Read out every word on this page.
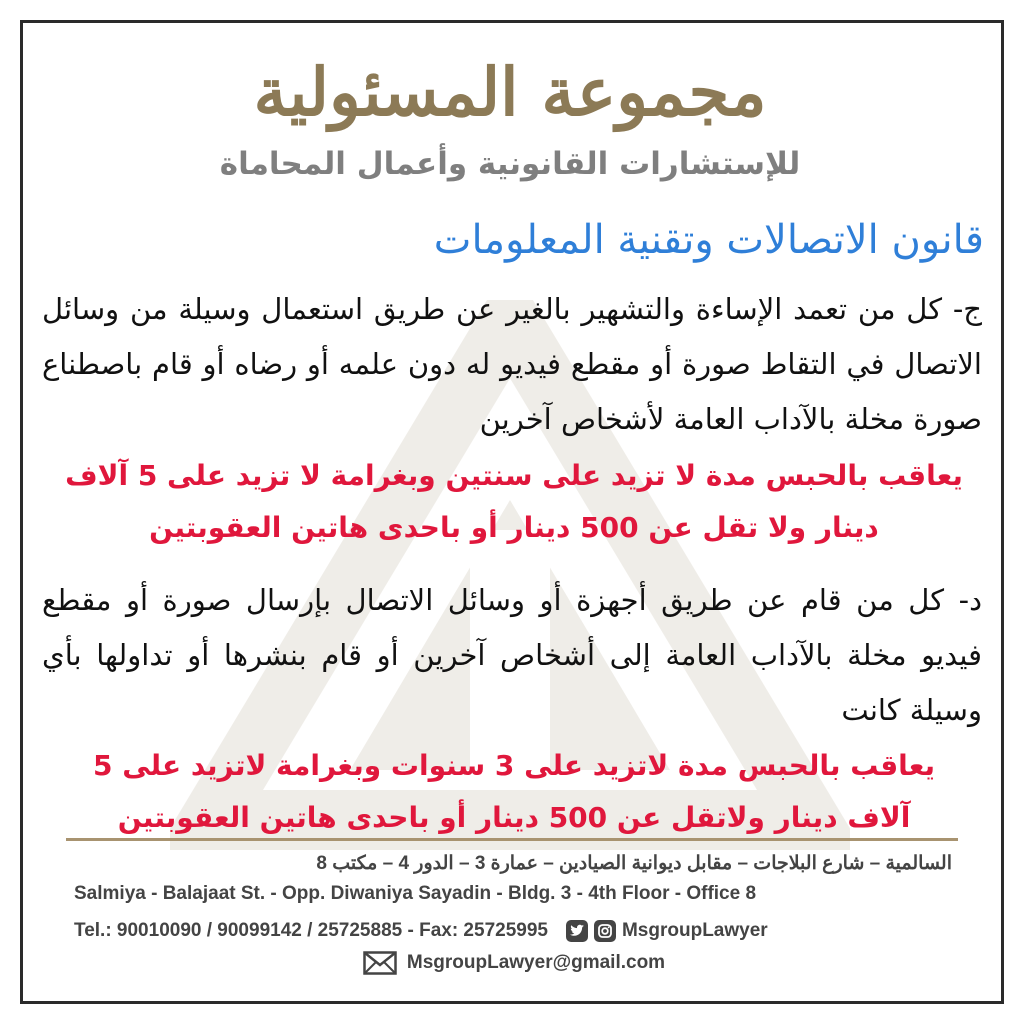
مجموعة المسئولية
للإستشارات القانونية وأعمال المحاماة
قانون الاتصالات وتقنية المعلومات
ج- كل من تعمد الإساءة والتشهير بالغير عن طريق استعمال وسيلة من وسائل الاتصال في التقاط صورة أو مقطع فيديو له دون علمه أو رضاه أو قام باصطناع صورة مخلة بالآداب العامة لأشخاص آخرين
يعاقب بالحبس مدة لا تزيد على سنتين وبغرامة لا تزيد على 5 آلاف دينار ولا تقل عن 500 دينار أو باحدى هاتين العقوبتين
د- كل من قام عن طريق أجهزة أو وسائل الاتصال بإرسال صورة أو مقطع فيديو مخلة بالآداب العامة إلى أشخاص آخرين أو قام بنشرها أو تداولها بأي وسيلة كانت
يعاقب بالحبس مدة لاتزيد على 3 سنوات وبغرامة لاتزيد على 5 آلاف دينار ولاتقل عن 500 دينار أو باحدى هاتين العقوبتين
السالمية – شارع البلاجات – مقابل ديوانية الصيادين – عمارة 3 – الدور 4 – مكتب 8
Salmiya - Balajaat St. - Opp. Diwaniya Sayadin - Bldg. 3 - 4th Floor - Office 8
Tel.: 90010090 / 90099142 / 25725885 - Fax: 25725995	MsgroupLawyer
MsgroupLawyer@gmail.com
